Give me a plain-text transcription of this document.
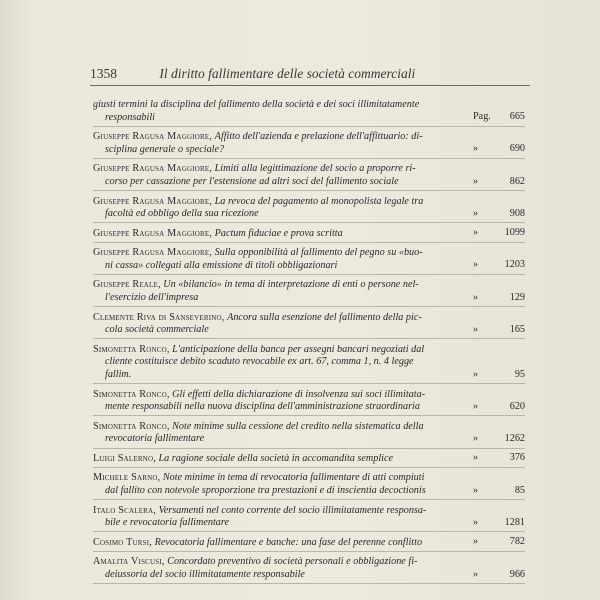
1358	Il diritto fallimentare delle società commerciali
giusti termini la disciplina del fallimento della società e dei soci illimitatamente
responsabili	Pag. 665
Giuseppe Ragusa Maggiore, Affitto dell'azienda e prelazione dell'affittuario: di-
sciplina generale o speciale?	»	690
Giuseppe Ragusa Maggiore, Limiti alla legittimazione del socio a proporre ri-
corso per cassazione per l'estensione ad altri soci del fallimento sociale	»	862
Giuseppe Ragusa Maggiore, La revoca del pagamento al monopolista legale tra
facoltà ed obbligo della sua ricezione	»	908
Giuseppe Ragusa Maggiore, Pactum fiduciae e prova scritta	»	1099
Giuseppe Ragusa Maggiore, Sulla opponibilità al fallimento del pegno su «buo-
ni cassa» collegati alla emissione di titoli obbligazionari	»	1203
Giuseppe Reale, Un «bilancio» in tema di interpretazione di enti o persone nel-
l'esercizio dell'impresa	»	129
Clemente Riva di Sanseverino, Ancora sulla esenzione del fallimento della pic-
cola società commerciale	»	165
Simonetta Ronco, L'anticipazione della banca per assegni bancari negoziati dal
cliente costituisce debito scaduto revocabile ex art. 67, comma 1, n. 4 legge
fallim.	»	95
Simonetta Ronco, Gli effetti della dichiarazione di insolvenza sui soci illimitata-
mente responsabili nella nuova disciplina dell'amministrazione straordinaria	»	620
Simonetta Ronco, Note minime sulla cessione del credito nella sistematica della
revocatoria fallimentare	»	1262
Luigi Salerno, La ragione sociale della società in accomandita semplice	»	376
Michele Sarno, Note minime in tema di revocatoria fallimentare di atti compiuti
dal fallito con notevole sproporzione tra prestazioni e di inscientia decoctionis	»	85
Italo Scalera, Versamenti nel conto corrente del socio illimitatamente responsa-
bile e revocatoria fallimentare	»	1281
Cosimo Tursi, Revocatoria fallimentare e banche: una fase del perenne conflitto	»	782
Amalita Viscusi, Concordato preventivo di società personali e obbligazione fi-
deiussoria del socio illimitatamente responsabile	»	966
